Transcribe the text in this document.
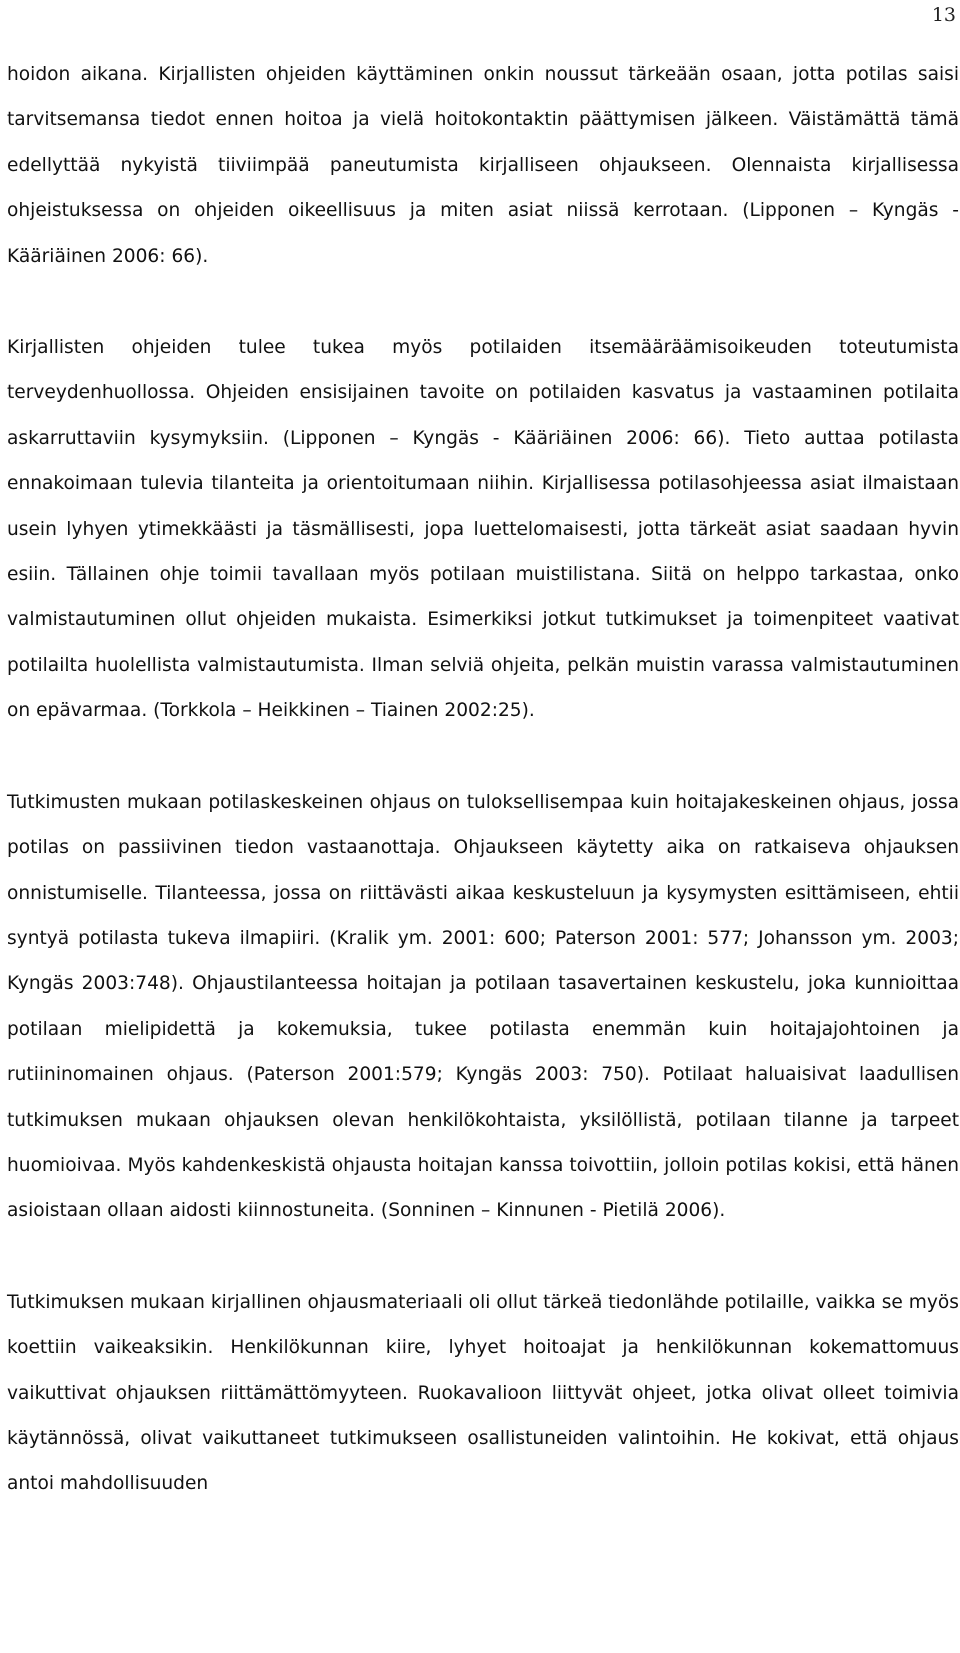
13

hoidon aikana. Kirjallisten ohjeiden käyttäminen onkin noussut tärkeään osaan, jotta potilas saisi tarvitsemansa tiedot ennen hoitoa ja vielä hoitokontaktin päättymisen jälkeen. Väistämättä tämä edellyttää nykyistä tiiviimpää paneutumista kirjalliseen ohjaukseen. Olennaista kirjallisessa ohjeistuksessa on ohjeiden oikeellisuus ja miten asiat niissä kerrotaan. (Lipponen – Kyngäs - Kääriäinen 2006: 66).

Kirjallisten ohjeiden tulee tukea myös potilaiden itsemääräämisoikeuden toteutumista terveydenhuollossa. Ohjeiden ensisijainen tavoite on potilaiden kasvatus ja vastaaminen potilaita askarruttaviin kysymyksiin. (Lipponen – Kyngäs - Kääriäinen 2006: 66). Tieto auttaa potilasta ennakoimaan tulevia tilanteita ja orientoitumaan niihin. Kirjallisessa potilasohjeessa asiat ilmaistaan usein lyhyen ytimekkäästi ja täsmällisesti, jopa luettelomaisesti, jotta tärkeät asiat saadaan hyvin esiin. Tällainen ohje toimii tavallaan myös potilaan muistilistana. Siitä on helppo tarkastaa, onko valmistautuminen ollut ohjeiden mukaista. Esimerkiksi jotkut tutkimukset ja toimenpiteet vaativat potilailta huolellista valmistautumista. Ilman selviä ohjeita, pelkän muistin varassa valmistautuminen on epävarmaa. (Torkkola – Heikkinen – Tiainen 2002:25).

Tutkimusten mukaan potilaskeskeinen ohjaus on tuloksellisempaa kuin hoitajakeskeinen ohjaus, jossa potilas on passiivinen tiedon vastaanottaja. Ohjaukseen käytetty aika on ratkaiseva ohjauksen onnistumiselle. Tilanteessa, jossa on riittävästi aikaa keskusteluun ja kysymysten esittämiseen, ehtii syntyä potilasta tukeva ilmapiiri. (Kralik ym. 2001: 600; Paterson 2001: 577; Johansson ym. 2003; Kyngäs 2003:748). Ohjaustilanteessa hoitajan ja potilaan tasavertainen keskustelu, joka kunnioittaa potilaan mielipidettä ja kokemuksia, tukee potilasta enemmän kuin hoitajajohtoinen ja rutiininomainen ohjaus. (Paterson 2001:579; Kyngäs 2003: 750). Potilaat haluaisivat laadullisen tutkimuksen mukaan ohjauksen olevan henkilökohtaista, yksilöllistä, potilaan tilanne ja tarpeet huomioivaa. Myös kahdenkeskistä ohjausta hoitajan kanssa toivottiin, jolloin potilas kokisi, että hänen asioistaan ollaan aidosti kiinnostuneita. (Sonninen – Kinnunen - Pietilä 2006).

Tutkimuksen mukaan kirjallinen ohjausmateriaali oli ollut tärkeä tiedonlähde potilaille, vaikka se myös koettiin vaikeaksikin. Henkilökunnan kiire, lyhyet hoitoajat ja henkilökunnan kokemattomuus vaikuttivat ohjauksen riittämättömyyteen. Ruokavalioon liittyvät ohjeet, jotka olivat olleet toimivia käytännössä, olivat vaikuttaneet tutkimukseen osallistuneiden valintoihin. He kokivat, että ohjaus antoi mahdollisuuden
